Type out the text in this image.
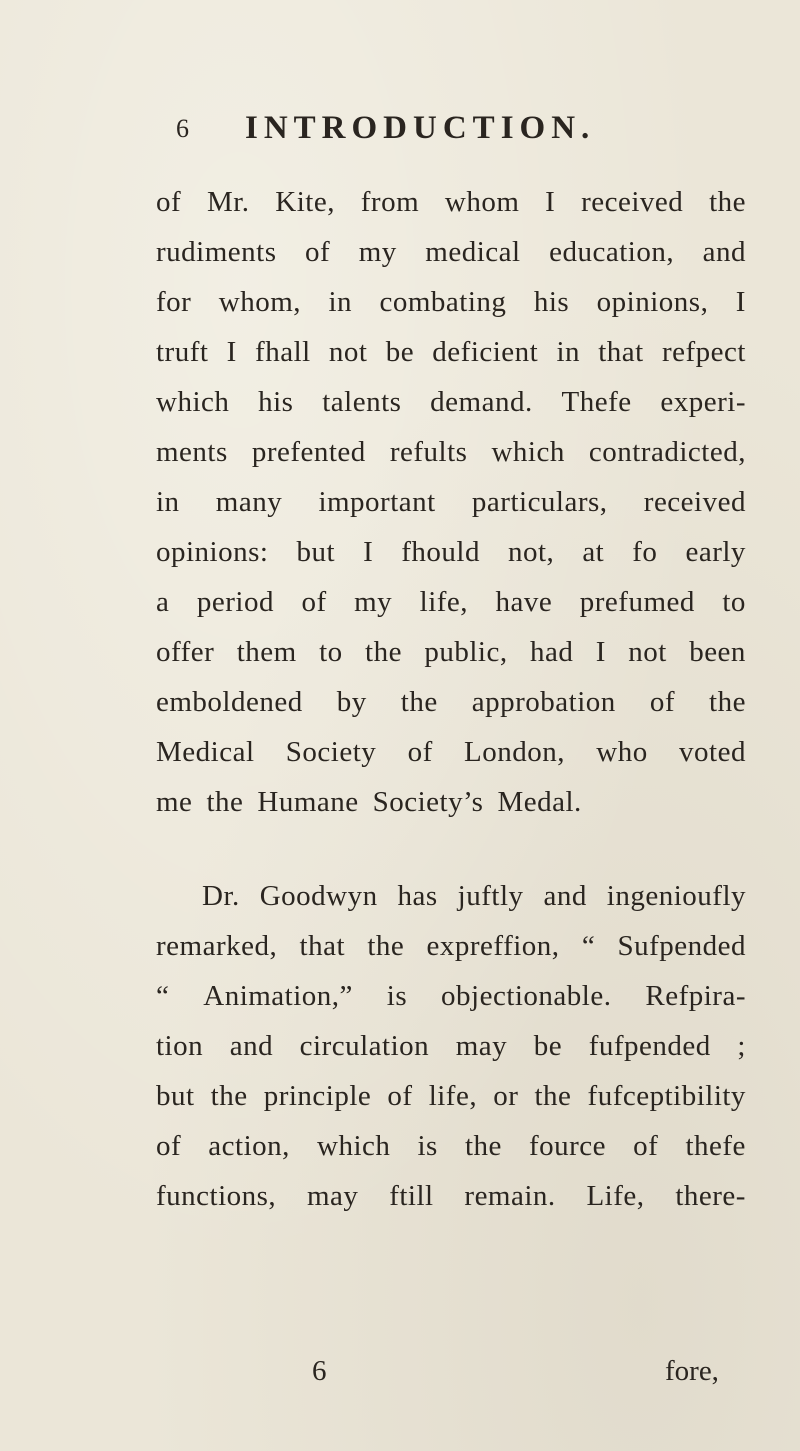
6 INTRODUCTION.
of Mr. Kite, from whom I received the
rudiments of my medical education, and
for whom, in combating his opinions, I
truft I fhall not be deficient in that refpect
which his talents demand. Thefe experi-
ments prefented refults which contradicted,
in many important particulars, received
opinions: but I fhould not, at fo early
a period of my life, have prefumed to
offer them to the public, had I not been
emboldened by the approbation of the
Medical Society of London, who voted
me the Humane Society’s Medal.
Dr. Goodwyn has juftly and ingenioufly
remarked, that the expreffion, “ Sufpended
“ Animation,” is objectionable. Refpira-
tion and circulation may be fufpended ;
but the principle of life, or the fufceptibility
of action, which is the fource of thefe
functions, may ftill remain. Life, there-
6	fore,
